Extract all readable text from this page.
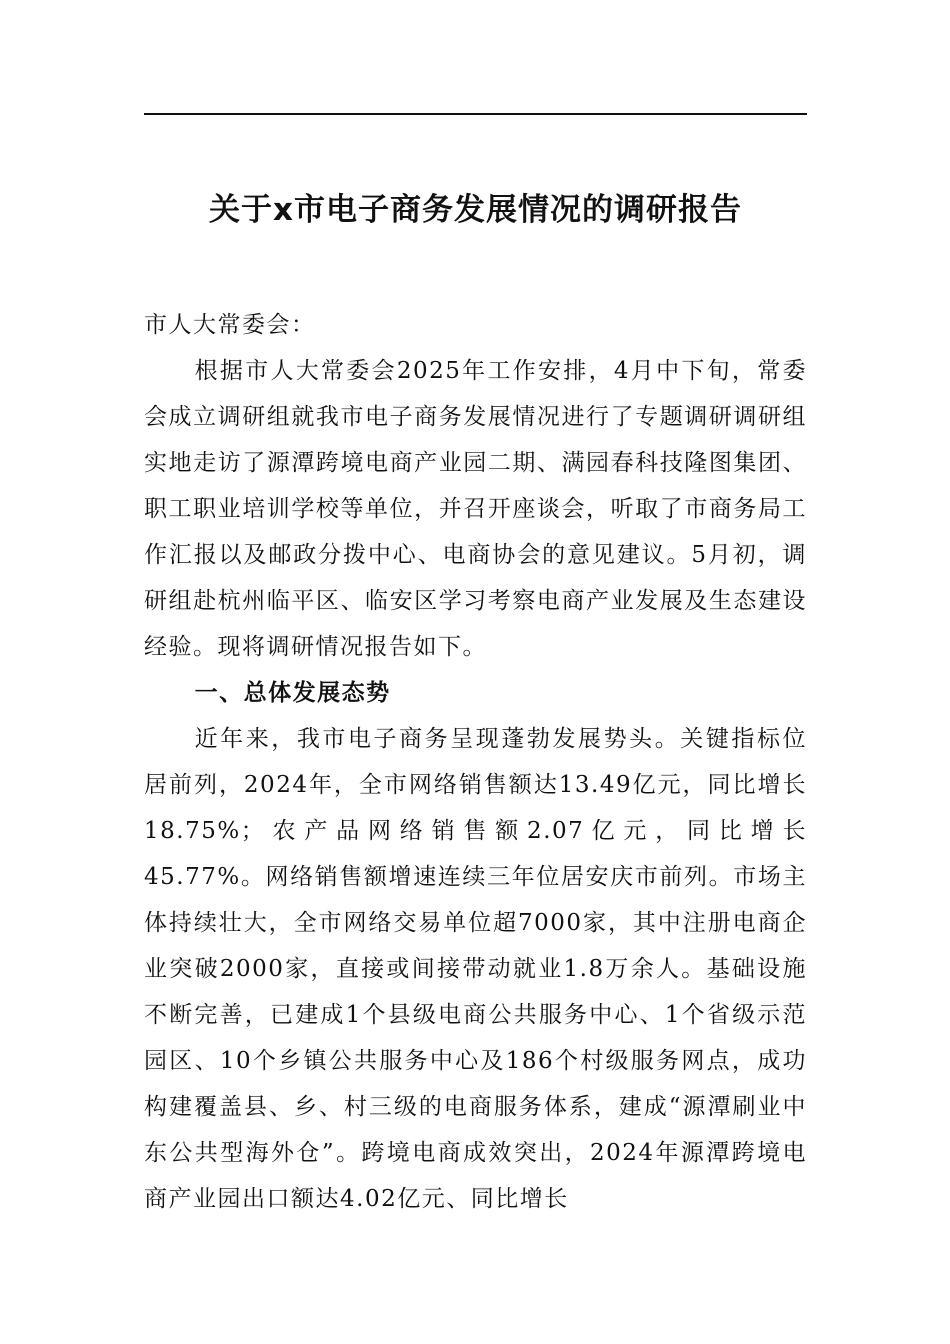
关于x市电子商务发展情况的调研报告

市人大常委会：

根据市人大常委会2025年工作安排，4月中下旬，常委会成立调研组就我市电子商务发展情况进行了专题调研调研组实地走访了源潭跨境电商产业园二期、满园春科技隆图集团、职工职业培训学校等单位，并召开座谈会，听取了市商务局工作汇报以及邮政分拨中心、电商协会的意见建议。5月初，调研组赴杭州临平区、临安区学习考察电商产业发展及生态建设经验。现将调研情况报告如下。

一、总体发展态势

近年来，我市电子商务呈现蓬勃发展势头。关键指标位居前列，2024年，全市网络销售额达13.49亿元，同比增长18.75%；农产品网络销售额2.07亿元，同比增长45.77%。网络销售额增速连续三年位居安庆市前列。市场主体持续壮大，全市网络交易单位超7000家，其中注册电商企业突破2000家，直接或间接带动就业1.8万余人。基础设施不断完善，已建成1个县级电商公共服务中心、1个省级示范园区、10个乡镇公共服务中心及186个村级服务网点，成功构建覆盖县、乡、村三级的电商服务体系，建成“源潭刷业中东公共型海外仓”。跨境电商成效突出，2024年源潭跨境电商产业园出口额达4.02亿元、同比增长
